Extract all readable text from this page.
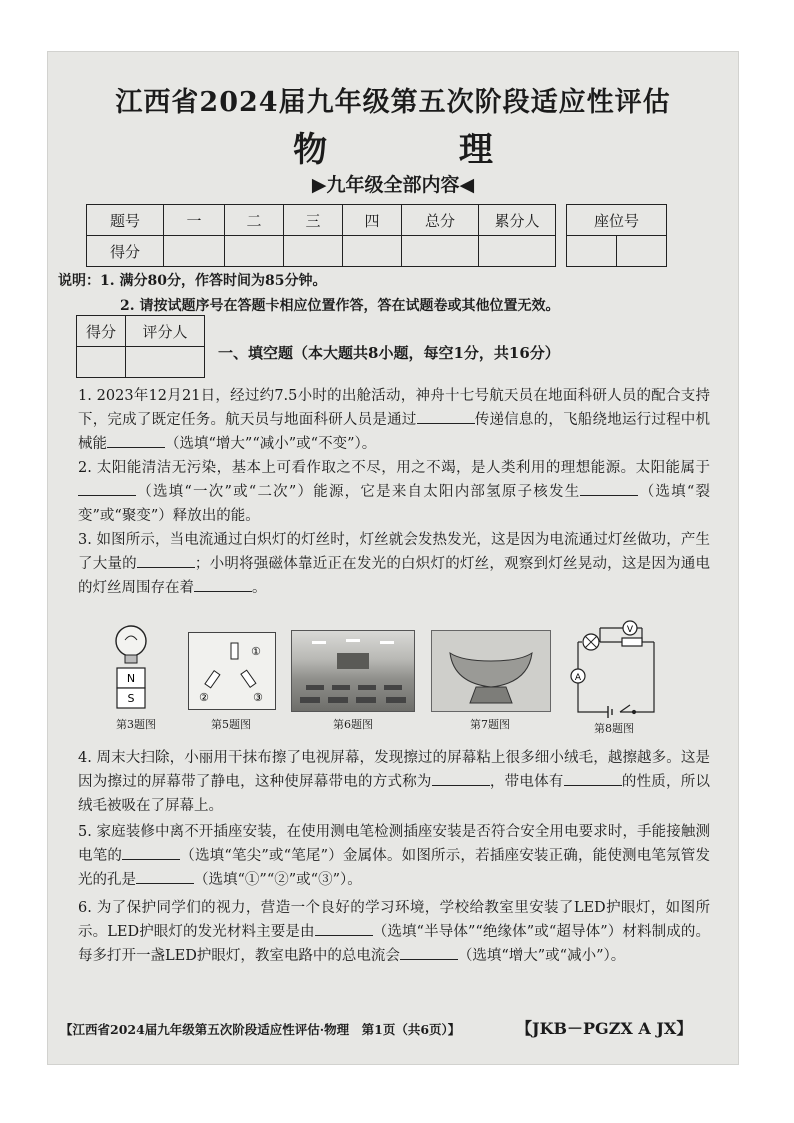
江西省2024届九年级第五次阶段适应性评估
物 理
▶九年级全部内容◀
题号	一	二	三	四	总分	累分人
得分						
座位号

说明：1. 满分80分，作答时间为85分钟。
2. 请按试题序号在答题卡相应位置作答，答在试题卷或其他位置无效。
得分	评分人

一、填空题（本大题共8小题，每空1分，共16分）
1. 2023年12月21日，经过约7.5小时的出舱活动，神舟十七号航天员在地面科研人员的配合支持下，完成了既定任务。航天员与地面科研人员是通过	传递信息的，飞船绕地运行过程中机械能	（选填“增大”“减小”或“不变”）。
2. 太阳能清洁无污染，基本上可看作取之不尽，用之不竭，是人类利用的理想能源。太阳能属于（选填“一次”或“二次”）能源，它是来自太阳内部氢原子核发生	（选填“裂变”或“聚变”）释放出的能。
3. 如图所示，当电流通过白炽灯的灯丝时，灯丝就会发热发光，这是因为电流通过灯丝做功，产生了大量的	；小明将强磁体靠近正在发光的白炽灯的灯丝，观察到灯丝晃动，这是因为通电的灯丝周围存在着	。
N
S
第3题图
①
②	③
第5题图	第6题图	第7题图
V
A
第8题图
4. 周末大扫除，小丽用干抹布擦了电视屏幕，发现擦过的屏幕粘上很多细小绒毛，越擦越多。这是因为擦过的屏幕带了静电，这种使屏幕带电的方式称为	，带电体有	的性质，所以绒毛被吸在了屏幕上。
5. 家庭装修中离不开插座安装，在使用测电笔检测插座安装是否符合安全用电要求时，手能接触测电笔的	（选填“笔尖”或“笔尾”）金属体。如图所示，若插座安装正确，能使测电笔氖管发光的孔是	（选填“①”“②”或“③”）。
6. 为了保护同学们的视力，营造一个良好的学习环境，学校给教室里安装了LED护眼灯，如图所示。LED护眼灯的发光材料主要是由	（选填“半导体”“绝缘体”或“超导体”）材料制成的。每多打开一盏LED护眼灯，教室电路中的总电流会	（选填“增大”或“减小”）。
【江西省2024届九年级第五次阶段适应性评估·物理　第1页（共6页）】	【JKB－PGZX A JX】
